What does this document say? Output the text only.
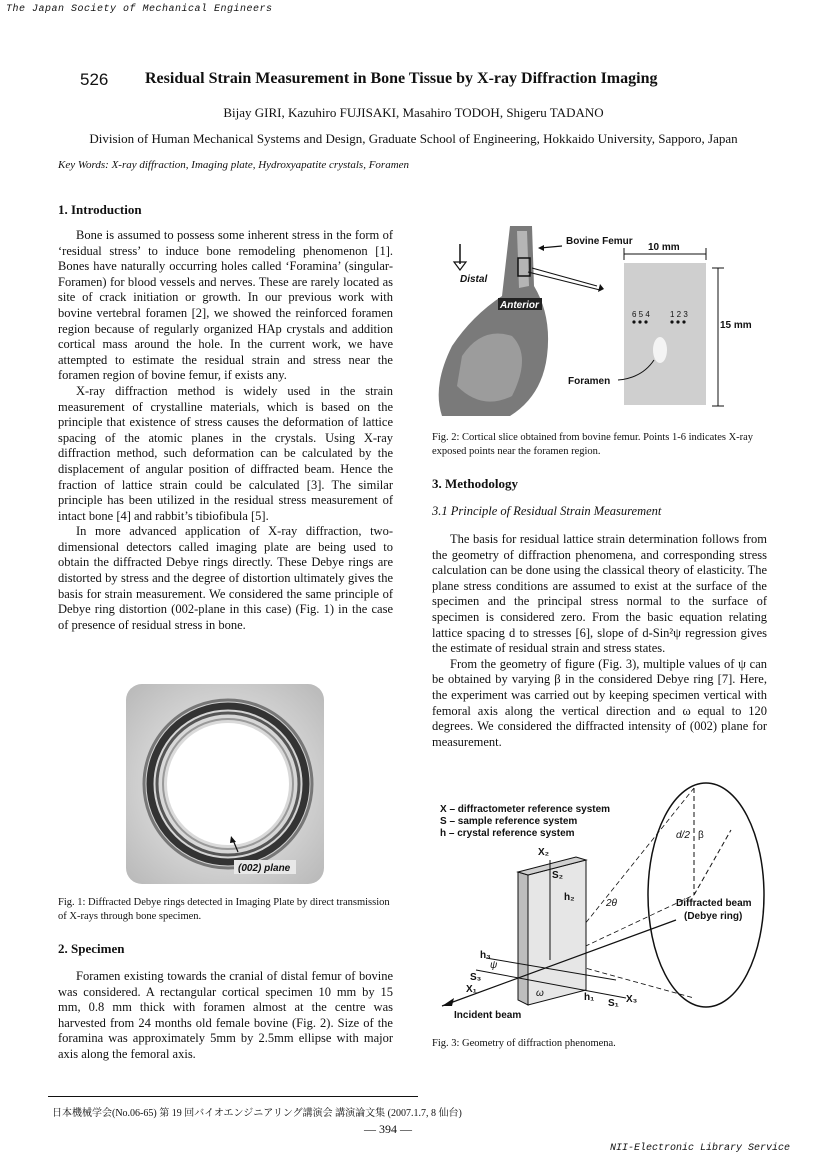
The Japan Society of Mechanical Engineers
526 Residual Strain Measurement in Bone Tissue by X-ray Diffraction Imaging
Bijay GIRI, Kazuhiro FUJISAKI, Masahiro TODOH, Shigeru TADANO
Division of Human Mechanical Systems and Design, Graduate School of Engineering, Hokkaido University, Sapporo, Japan
Key Words: X-ray diffraction, Imaging plate, Hydroxyapatite crystals, Foramen
1. Introduction

Bone is assumed to possess some inherent stress in the form of ‘residual stress’ to induce bone remodeling phenomenon [1]. Bones have naturally occurring holes called ‘Foramina’ (singular-Foramen) for blood vessels and nerves. These are rarely located as site of crack initiation or growth. In our previous work with bovine vertebral foramen [2], we showed the reinforced foramen region because of regularly organized HAp crystals and addition cortical mass around the hole. In the current work, we have attempted to estimate the residual strain and stress near the foramen region of bovine femur, if exists any.

X-ray diffraction method is widely used in the strain measurement of crystalline materials, which is based on the principle that existence of stress causes the deformation of lattice spacing of the atomic planes in the crystals. Using X-ray diffraction method, such deformation can be calculated by the displacement of angular position of diffracted beam. Hence the fraction of lattice strain could be calculated [3]. The similar principle has been utilized in the residual stress measurement of intact bone [4] and rabbit’s tibiofibula [5].

In more advanced application of X-ray diffraction, two-dimensional detectors called imaging plate are being used to obtain the diffracted Debye rings directly. These Debye rings are distorted by stress and the degree of distortion ultimately gives the basis for strain measurement. We considered the same principle of Debye ring distortion (002-plane in this case) (Fig. 1) in the case of presence of residual stress in bone.

(002) plane

Fig. 1: Diffracted Debye rings detected in Imaging Plate by direct transmission of X-rays through bone specimen.

2. Specimen

Foramen existing towards the cranial of distal femur of bovine was considered. A rectangular cortical specimen 10 mm by 15 mm, 0.8 mm thick with foramen almost at the centre was harvested from 24 months old female bovine (Fig. 2). Size of the foramina was approximately 5mm by 2.5mm ellipse with major axis along the femoral axis.

Bovine Femur
Distal
Anterior
6 5 4	1 2 3
10 mm
15 mm
Foramen

Fig. 2: Cortical slice obtained from bovine femur. Points 1-6 indicates X-ray exposed points near the foramen region.

3. Methodology
3.1 Principle of Residual Strain Measurement

The basis for residual lattice strain determination follows from the geometry of diffraction phenomena, and corresponding stress calculation can be done using the classical theory of elasticity. The plane stress conditions are assumed to exist at the surface of the specimen and the principal stress normal to the surface of specimen is considered zero. From the basic equation relating lattice spacing d to stresses [6], slope of d-Sin²ψ regression gives the estimate of residual strain and stress states.

From the geometry of figure (Fig. 3), multiple values of ψ can be obtained by varying β in the considered Debye ring [7]. Here, the experiment was carried out by keeping specimen vertical with femoral axis along the vertical direction and ω equal to 120 degrees. We considered the diffracted intensity of (002) plane for measurement.

X – diffractometer reference system
S – sample reference system
h – crystal reference system	d/2 β
2θ	Diffracted beam
(Debye ring)
X₂
S₂
h₂
Incident beam
h₃
ψ
S₃
X₁	ω	h₁
S₁ X₃

Fig. 3: Geometry of diffraction phenomena.

日本機械学会(No.06-65) 第 19 回バイオエンジニアリング講演会 講演論文集 (2007.1.7, 8 仙台)
— 394 —
NII-Electronic Library Service
